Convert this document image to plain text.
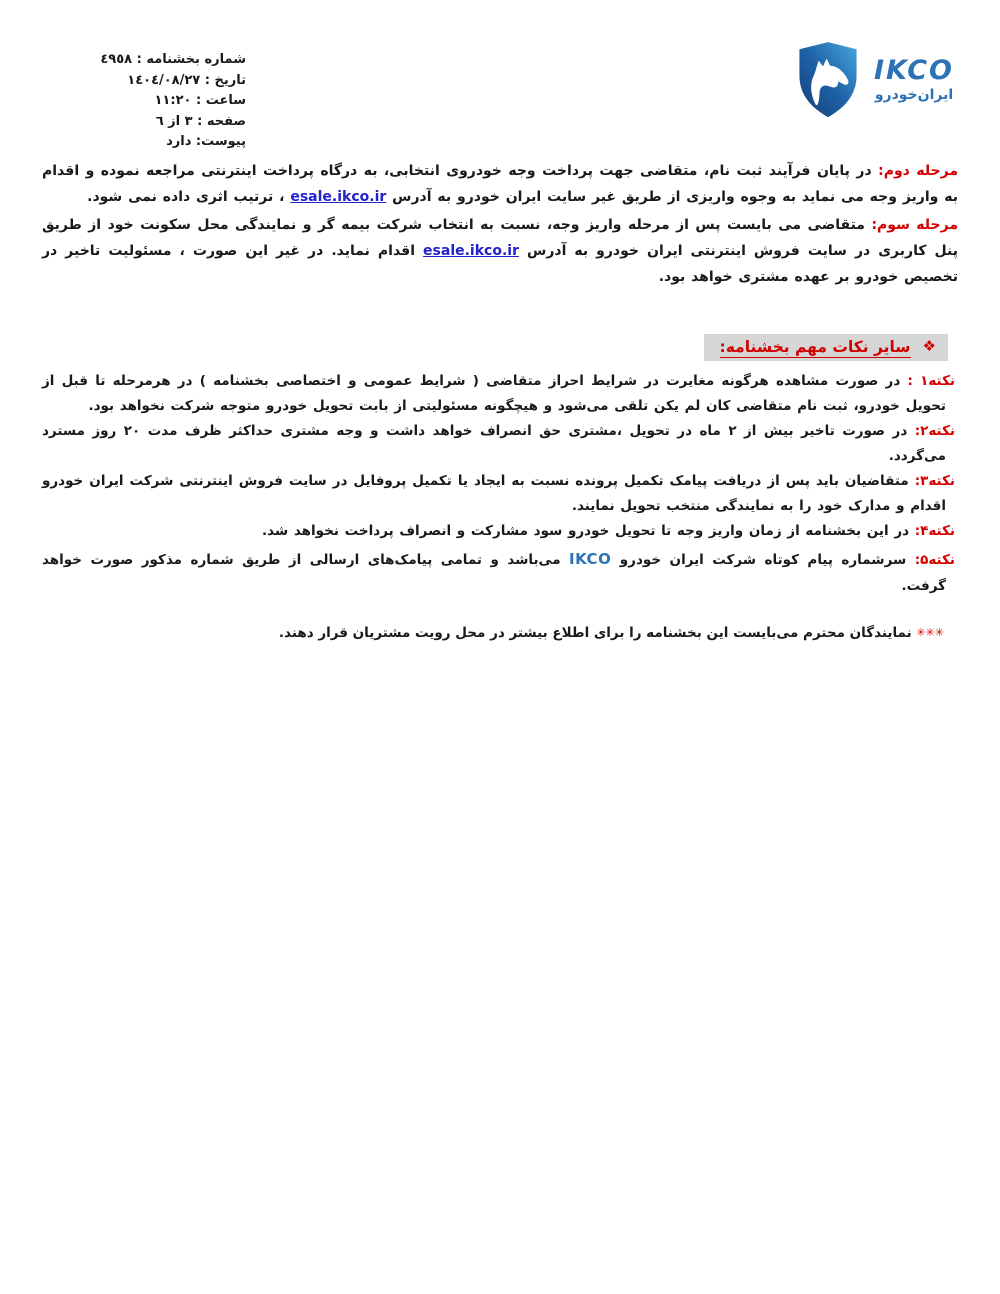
شماره بخشنامه : ٤٩٥٨
تاریخ : ١٤٠٤/٠٨/٢٧
ساعت : ١١:٢٠
صفحه : ٣ از ٦
پیوست: دارد
IKCO
ایران‌خودرو

مرحله دوم: در پایان فرآیند ثبت نام، متقاضی جهت پرداخت وجه خودروی انتخابی، به درگاه پرداخت اینترنتی مراجعه نموده و اقدام به واریز وجه می نماید به وجوه واریزی از طریق غیر سایت ایران خودرو به آدرس esale.ikco.ir ، ترتیب اثری داده نمی شود.

مرحله سوم: متقاضی می بایست پس از مرحله واریز وجه، نسبت به انتخاب شرکت بیمه گر و نمایندگی محل سکونت خود از طریق پنل کاربری در سایت فروش اینترنتی ایران خودرو به آدرس esale.ikco.ir اقدام نماید. در غیر این صورت ، مسئولیت تاخیر در تخصیص خودرو بر عهده مشتری خواهد بود.

❖سایر نکات مهم بخشنامه:

نکته۱ : در صورت مشاهده هرگونه مغایرت در شرایط احراز متقاضی ( شرایط عمومی و اختصاصی بخشنامه ) در هرمرحله تا قبل از تحویل خودرو، ثبت نام متقاضی کان لم یکن تلقی می‌شود و هیچگونه مسئولیتی از بابت تحویل خودرو متوجه شرکت نخواهد بود.

نکته۲: در صورت تاخیر بیش از ۲ ماه در تحویل ،مشتری حق انصراف خواهد داشت و وجه مشتری حداکثر ظرف مدت ۲۰ روز مسترد می‌گردد.

نکته۳: متقاضیان باید پس از دریافت پیامک تکمیل پرونده نسبت به ایجاد یا تکمیل پروفایل در سایت فروش اینترنتی شرکت ایران خودرو اقدام و مدارک خود را به نمایندگی منتخب تحویل نمایند.

نکته۴: در این بخشنامه از زمان واریز وجه تا تحویل خودرو سود مشارکت و انصراف پرداخت نخواهد شد.

نکته۵: سرشماره پیام کوتاه شرکت ایران خودرو IKCO می‌باشد و تمامی پیامک‌های ارسالی از طریق شماره مذکور صورت خواهد گرفت.

✳✳✳ نمایندگان محترم می‌بایست این بخشنامه را برای اطلاع بیشتر در محل رویت مشتریان قرار دهند.
